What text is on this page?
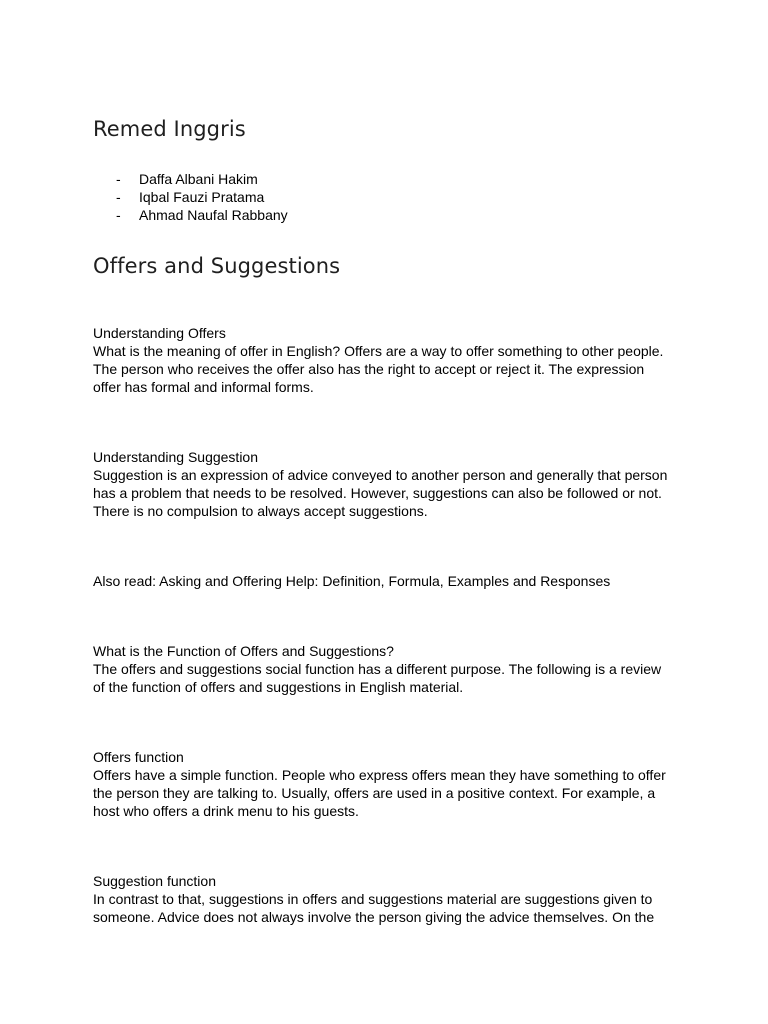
Remed Inggris
- Daffa Albani Hakim
- Iqbal Fauzi Pratama
- Ahmad Naufal Rabbany
Offers and Suggestions

Understanding Offers

What is the meaning of offer in English? Offers are a way to offer something to other people.

The person who receives the offer also has the right to accept or reject it. The expression

offer has formal and informal forms.

Understanding Suggestion

Suggestion is an expression of advice conveyed to another person and generally that person

has a problem that needs to be resolved. However, suggestions can also be followed or not.

There is no compulsion to always accept suggestions.

Also read: Asking and Offering Help: Definition, Formula, Examples and Responses

What is the Function of Offers and Suggestions?

The offers and suggestions social function has a different purpose. The following is a review

of the function of offers and suggestions in English material.

Offers function

Offers have a simple function. People who express offers mean they have something to offer

the person they are talking to. Usually, offers are used in a positive context. For example, a

host who offers a drink menu to his guests.

Suggestion function

In contrast to that, suggestions in offers and suggestions material are suggestions given to

someone. Advice does not always involve the person giving the advice themselves. On the
